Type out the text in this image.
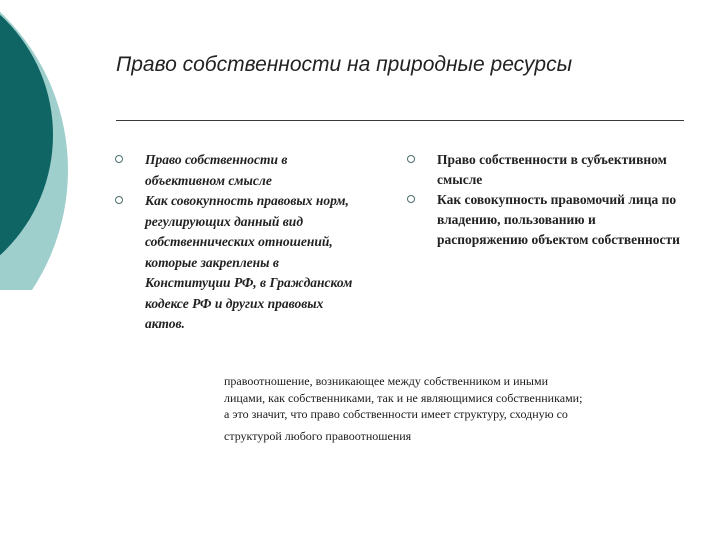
Право собственности на природные ресурсы
Право собственности в объективном смысле
Как совокупность правовых норм, регулирующих данный вид собственнических отношений, которые закреплены в Конституции РФ, в Гражданском кодексе РФ и других правовых актов.
Право собственности в субъективном смысле
Как совокупность правомочий лица по владению, пользованию и распоряжению объектом собственности

правоотношение, возникающее между собственником и иными

лицами, как собственниками, так и не являющимися собственниками;

а это значит, что право собственности имеет структуру, сходную со

структурой любого правоотношения
